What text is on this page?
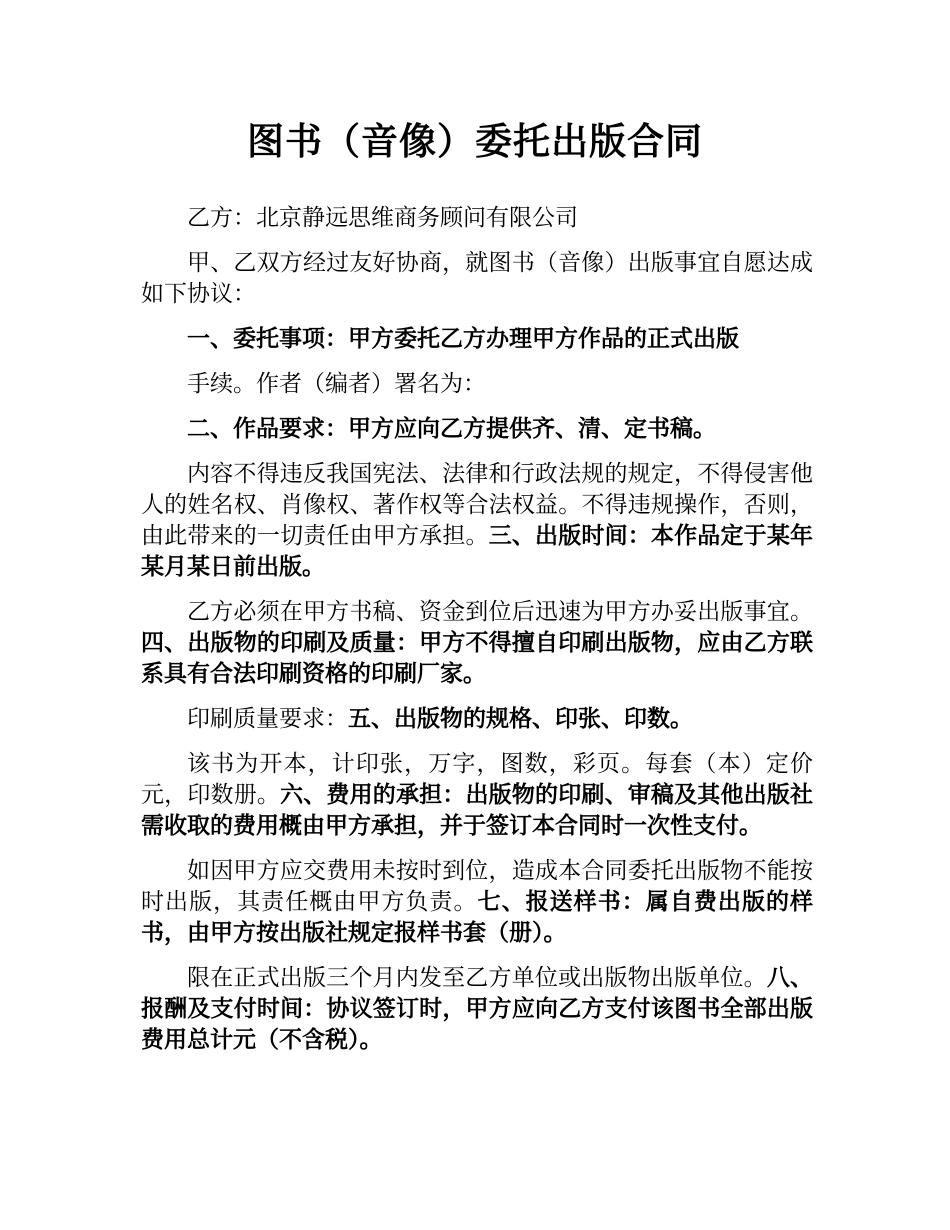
图书（音像）委托出版合同

乙方：北京静远思维商务顾问有限公司

甲、乙双方经过友好协商，就图书（音像）出版事宜自愿达成如下协议：

一、委托事项：甲方委托乙方办理甲方作品的正式出版

手续。作者（编者）署名为：

二、作品要求：甲方应向乙方提供齐、清、定书稿。

内容不得违反我国宪法、法律和行政法规的规定，不得侵害他人的姓名权、肖像权、著作权等合法权益。不得违规操作，否则，由此带来的一切责任由甲方承担。三、出版时间：本作品定于某年某月某日前出版。

乙方必须在甲方书稿、资金到位后迅速为甲方办妥出版事宜。四、出版物的印刷及质量：甲方不得擅自印刷出版物，应由乙方联系具有合法印刷资格的印刷厂家。

印刷质量要求：五、出版物的规格、印张、印数。

该书为开本，计印张，万字，图数，彩页。每套（本）定价元，印数册。六、费用的承担：出版物的印刷、审稿及其他出版社需收取的费用概由甲方承担，并于签订本合同时一次性支付。

如因甲方应交费用未按时到位，造成本合同委托出版物不能按时出版，其责任概由甲方负责。七、报送样书：属自费出版的样书，由甲方按出版社规定报样书套（册）。

限在正式出版三个月内发至乙方单位或出版物出版单位。八、报酬及支付时间：协议签订时，甲方应向乙方支付该图书全部出版费用总计元（不含税）。
